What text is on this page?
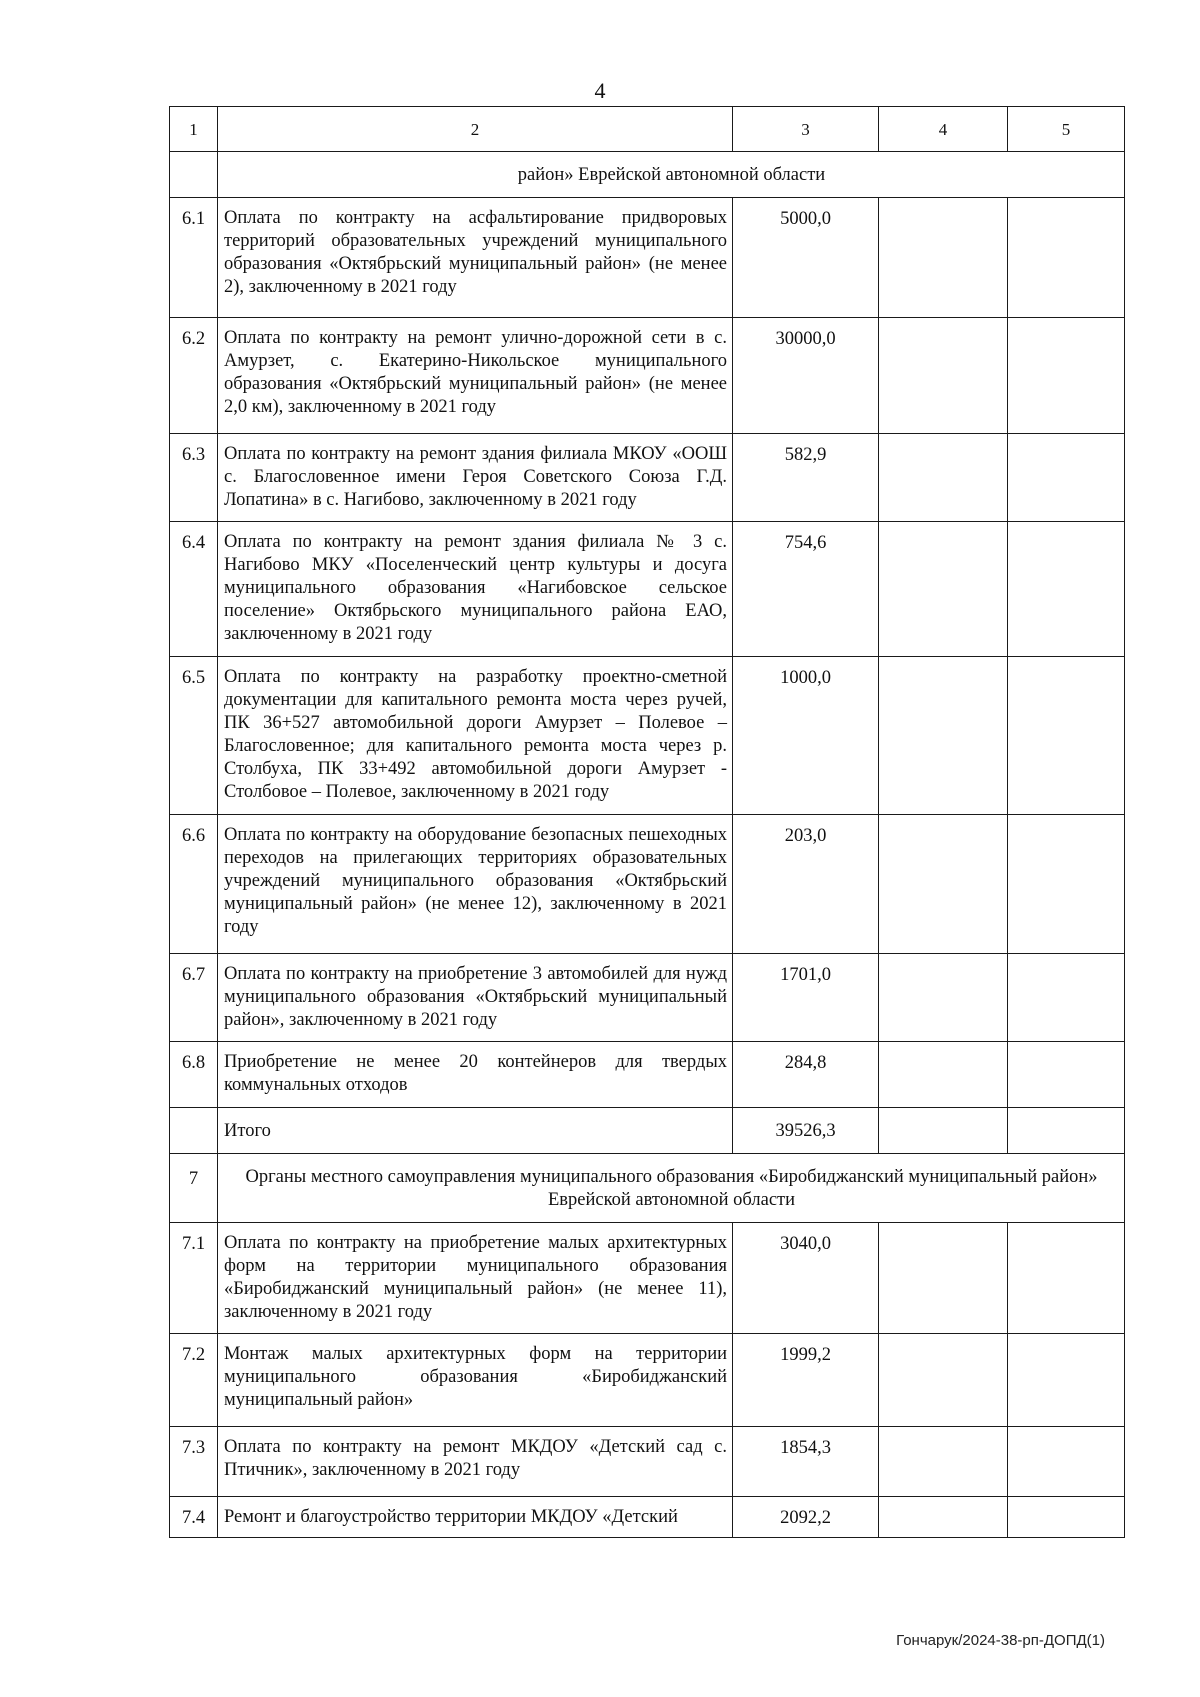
4
1	2	3	4	5
	район» Еврейской автономной области			
6.1	Оплата по контракту на асфальтирование придворовых территорий образовательных учреждений муниципального образования «Октябрьский муниципальный район» (не менее 2), заключенному в 2021 году	5000,0		
6.2	Оплата по контракту на ремонт улично-дорожной сети в с. Амурзет, с. Екатерино-Никольское муниципального образования «Октябрьский муниципальный район» (не менее 2,0 км), заключенному в 2021 году	30000,0		
6.3	Оплата по контракту на ремонт здания филиала МКОУ «ООШ с. Благословенное имени Героя Советского Союза Г.Д. Лопатина» в с. Нагибово, заключенному в 2021 году	582,9		
6.4	Оплата по контракту на ремонт здания филиала № 3 с. Нагибово МКУ «Поселенческий центр культуры и досуга муниципального образования «Нагибовское сельское поселение» Октябрьского муниципального района ЕАО, заключенному в 2021 году	754,6		
6.5	Оплата по контракту на разработку проектно-сметной документации для капитального ремонта моста через ручей, ПК 36+527 автомобильной дороги Амурзет – Полевое – Благословенное; для капитального ремонта моста через р. Столбуха, ПК 33+492 автомобильной дороги Амурзет - Столбовое – Полевое, заключенному в 2021 году	1000,0		
6.6	Оплата по контракту на оборудование безопасных пешеходных переходов на прилегающих территориях образовательных учреждений муниципального образования «Октябрьский муниципальный район» (не менее 12), заключенному в 2021 году	203,0		
6.7	Оплата по контракту на приобретение 3 автомобилей для нужд муниципального образования «Октябрьский муниципальный район», заключенному в 2021 году	1701,0		
6.8	Приобретение не менее 20 контейнеров для твердых коммунальных отходов	284,8		
	Итого	39526,3		
7	Органы местного самоуправления муниципального образования «Биробиджанский муниципальный район» Еврейской автономной области			
7.1	Оплата по контракту на приобретение малых архитектурных форм на территории муниципального образования «Биробиджанский муниципальный район» (не менее 11), заключенному в 2021 году	3040,0		
7.2	Монтаж малых архитектурных форм на территории муниципального образования «Биробиджанский муниципальный район»	1999,2		
7.3	Оплата по контракту на ремонт МКДОУ «Детский сад с. Птичник», заключенному в 2021 году	1854,3		
7.4	Ремонт и благоустройство территории МКДОУ «Детский	2092,2		
Гончарук/2024-38-рп-ДОПД(1)
